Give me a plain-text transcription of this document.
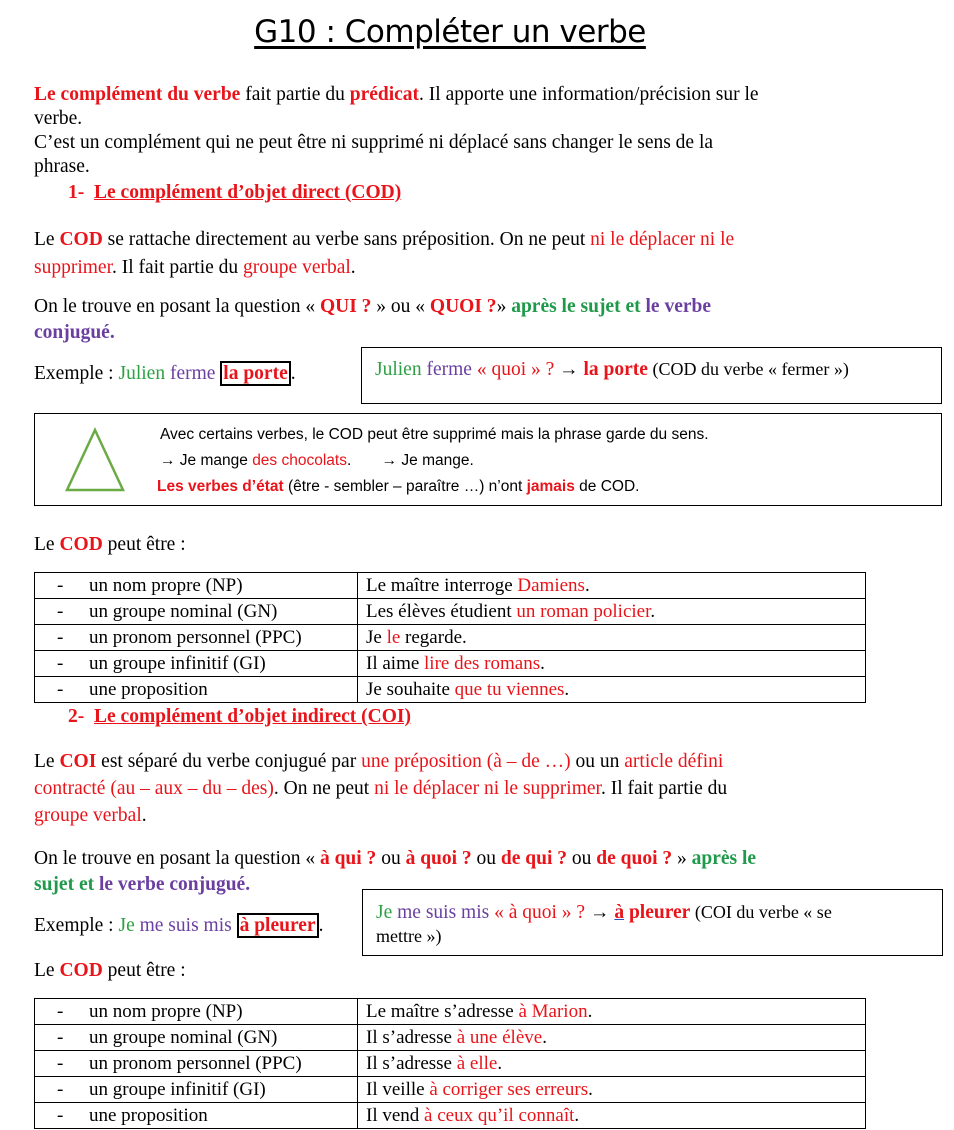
G10 : Compléter un verbe
Le complément du verbe fait partie du prédicat. Il apporte une information/précision sur le
verbe.
C’est un complément qui ne peut être ni supprimé ni déplacé sans changer le sens de la
phrase.
1- Le complément d’objet direct (COD)
Le COD se rattache directement au verbe sans préposition. On ne peut ni le déplacer ni le
supprimer. Il fait partie du groupe verbal.
On le trouve en posant la question « QUI ? » ou « QUOI ?» après le sujet et le verbe
conjugué.
Exemple : Julien ferme la porte .	Julien ferme « quoi » ? → la porte (COD du verbe « fermer »)
Avec certains verbes, le COD peut être supprimé mais la phrase garde du sens.
→ Je mange des chocolats. → Je mange.
Les verbes d’état (être - sembler – paraître …) n’ont jamais de COD.
Le COD peut être :
- un nom propre (NP)	Le maître interroge Damiens.
- un groupe nominal (GN)	Les élèves étudient un roman policier.
- un pronom personnel (PPC)	Je le regarde.
- un groupe infinitif (GI)	Il aime lire des romans.
- une proposition	Je souhaite que tu viennes.
2- Le complément d’objet indirect (COI)
Le COI est séparé du verbe conjugué par une préposition (à – de …) ou un article défini
contracté (au – aux – du – des). On ne peut ni le déplacer ni le supprimer. Il fait partie du
groupe verbal.
On le trouve en posant la question « à qui ? ou à quoi ? ou de qui ? ou de quoi ? » après le
sujet et le verbe conjugué.
Exemple : Je me suis mis à pleurer .
Je me suis mis « à quoi » ? → à pleurer (COI du verbe « se
mettre »)
Le COD peut être :
- un nom propre (NP)	Le maître s’adresse à Marion.
- un groupe nominal (GN)	Il s’adresse à une élève.
- un pronom personnel (PPC)	Il s’adresse à elle.
- un groupe infinitif (GI)	Il veille à corriger ses erreurs.
- une proposition	Il vend à ceux qu’il connaît.
